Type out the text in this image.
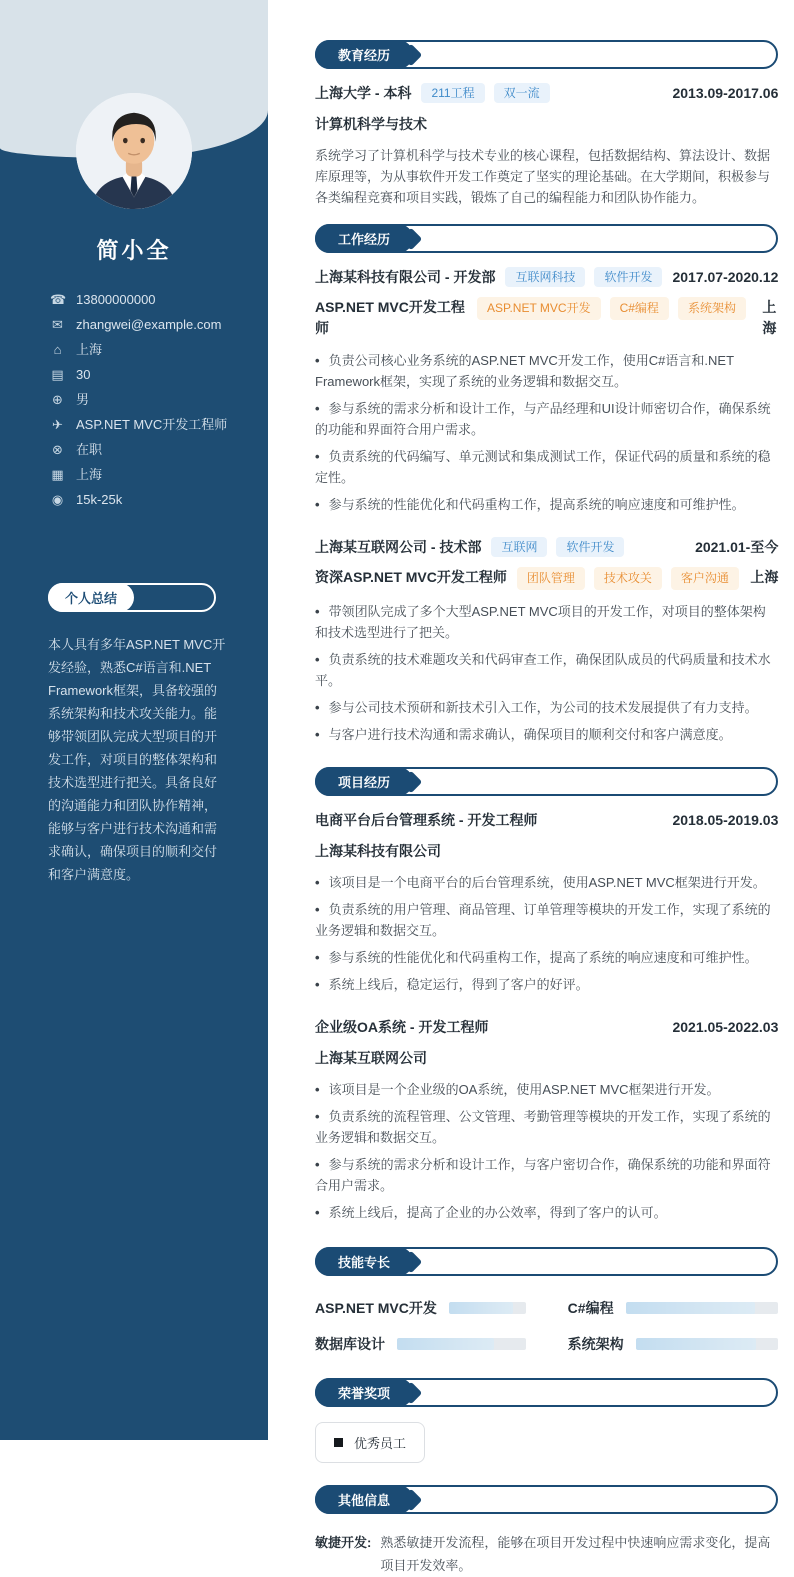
简小全
☎ 13800000000
✉ zhangwei@example.com
⌂ 上海
▤ 30
⊕ 男
✈ ASP.NET MVC开发工程师
⊗ 在职
▦ 上海
◉ 15k-25k
个人总结

本人具有多年ASP.NET MVC开发经验，熟悉C#语言和.NET Framework框架，具备较强的系统架构和技术攻关能力。能够带领团队完成大型项目的开发工作，对项目的整体架构和技术选型进行把关。具备良好的沟通能力和团队协作精神，能够与客户进行技术沟通和需求确认，确保项目的顺利交付和客户满意度。

教育经历
上海大学 - 本科	211工程	双一流	2013.09-2017.06
计算机科学与技术
系统学习了计算机科学与技术专业的核心课程，包括数据结构、算法设计、数据库原理等，为从事软件开发工作奠定了坚实的理论基础。在大学期间，积极参与各类编程竞赛和项目实践，锻炼了自己的编程能力和团队协作能力。
工作经历
上海某科技有限公司 - 开发部	互联网科技	软件开发	2017.07-2020.12
ASP.NET MVC开发工程师
ASP.NET MVC开发	C#编程	系统架构	上海
• 负责公司核心业务系统的ASP.NET MVC开发工作，使用C#语言和.NET Framework框架，实现了系统的业务逻辑和数据交互。
• 参与系统的需求分析和设计工作，与产品经理和UI设计师密切合作，确保系统的功能和界面符合用户需求。
• 负责系统的代码编写、单元测试和集成测试工作，保证代码的质量和系统的稳定性。
• 参与系统的性能优化和代码重构工作，提高系统的响应速度和可维护性。
上海某互联网公司 - 技术部	互联网	软件开发	2021.01-至今
资深ASP.NET MVC开发工程师	团队管理	技术攻关	客户沟通	上海
• 带领团队完成了多个大型ASP.NET MVC项目的开发工作，对项目的整体架构和技术选型进行了把关。
• 负责系统的技术难题攻关和代码审查工作，确保团队成员的代码质量和技术水平。
• 参与公司技术预研和新技术引入工作，为公司的技术发展提供了有力支持。
• 与客户进行技术沟通和需求确认，确保项目的顺利交付和客户满意度。
项目经历
电商平台后台管理系统 - 开发工程师	2018.05-2019.03
上海某科技有限公司
• 该项目是一个电商平台的后台管理系统，使用ASP.NET MVC框架进行开发。
• 负责系统的用户管理、商品管理、订单管理等模块的开发工作，实现了系统的业务逻辑和数据交互。
• 参与系统的性能优化和代码重构工作，提高了系统的响应速度和可维护性。
• 系统上线后，稳定运行，得到了客户的好评。
企业级OA系统 - 开发工程师	2021.05-2022.03
上海某互联网公司
• 该项目是一个企业级的OA系统，使用ASP.NET MVC框架进行开发。
• 负责系统的流程管理、公文管理、考勤管理等模块的开发工作，实现了系统的业务逻辑和数据交互。
• 参与系统的需求分析和设计工作，与客户密切合作，确保系统的功能和界面符合用户需求。
• 系统上线后，提高了企业的办公效率，得到了客户的认可。
技能专长
ASP.NET MVC开发	C#编程
数据库设计	系统架构
荣誉奖项
优秀员工
其他信息
敏捷开发: 熟悉敏捷开发流程，能够在项目开发过程中快速响应需求变化，提高项目开发效率。
